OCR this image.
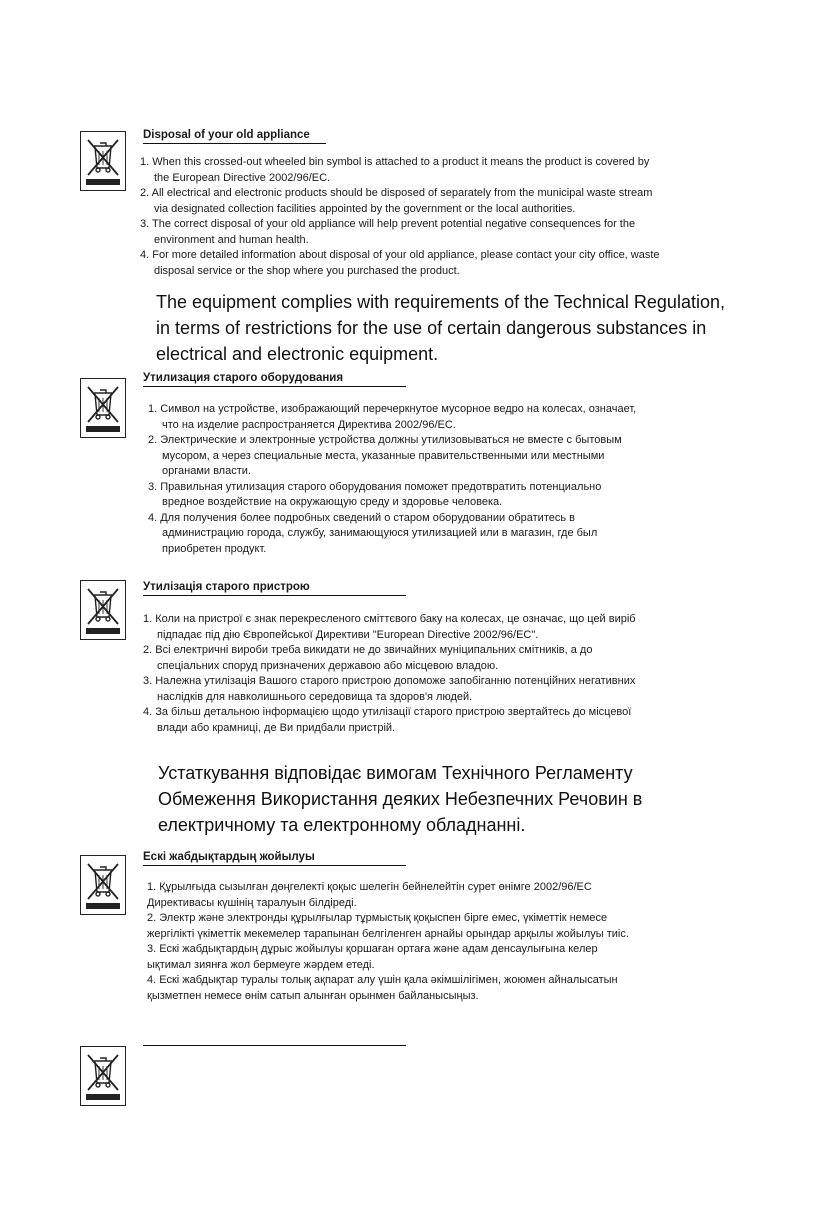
Disposal of your old appliance
1. When this crossed-out wheeled bin symbol is attached to a product it means the product is covered by
the European Directive 2002/96/EC.
2. All electrical and electronic products should be disposed of separately from the municipal waste stream
via designated collection facilities appointed by the government or the local authorities.
3. The correct disposal of your old appliance will help prevent potential negative consequences for the
environment and human health.
4. For more detailed information about disposal of your old appliance, please contact your city office, waste
disposal service or the shop where you purchased the product.
The equipment complies with requirements of the Technical Regulation,
in terms of restrictions for the use of certain dangerous substances in
electrical and electronic equipment.
Утилизация старого оборудования
1. Символ на устройстве, изображающий перечеркнутое мусорное ведро на колесах, означает,
что на изделие распространяется Директива 2002/96/EC.
2. Электрические и электронные устройства должны утилизовываться не вместе с бытовым
мусором, а через специальные места, указанные правительственными или местными
органами власти.
3. Правильная утилизация старого оборудования поможет предотвратить потенциально
вредное воздействие на окружающую среду и здоровье человека.
4. Для получения более подробных сведений о старом оборудовании обратитесь в
администрацию города, службу, занимающуюся утилизацией или в магазин, где был
приобретен продукт.
Утилізація старого пристрою
1. Коли на пристрої є знак перекресленого сміттєвого баку на колесах, це означає, що цей виріб
підпадає під дію Європейської Директиви "European Directive 2002/96/EC".
2. Всі електричні вироби треба викидати не до звичайних муніципальних смітників, а до
спеціальних споруд призначених державою або місцевою владою.
3. Належна утилізація Вашого старого пристрою допоможе запобіганню потенційних негативних
наслідків для навколишнього середовища та здоров'я людей.
4. За більш детальною інформацією щодо утилізації старого пристрою звертайтесь до місцевої
влади або крамниці, де Ви придбали пристрій.
Устаткування відповідає вимогам Технічного Регламенту
Обмеження Використання деяких Небезпечних Речовин в
електричному та електронному обладнанні.
Ескі жабдықтардың жойылуы
1. Құрылғыда сызылған дөңгелекті қоқыс шелегін бейнелейтін сурет өнімге 2002/96/EC
Директивасы күшінің таралуын білдіреді.
2. Электр және электронды құрылғылар тұрмыстық қоқыспен бірге емес, үкіметтік немесе
жергілікті үкіметтік мекемелер тарапынан белгіленген арнайы орындар арқылы жойылуы тиіс.
3. Ескі жабдықтардың дұрыс жойылуы қоршаған ортаға және адам денсаулығына келер
ықтимал зиянға жол бермеуге жәрдем етеді.
4. Ескі жабдықтар туралы толық ақпарат алу үшін қала әкімшілігімен, жоюмен айналысатын
қызметпен немесе өнім сатып алынған орынмен байланысыңыз.
